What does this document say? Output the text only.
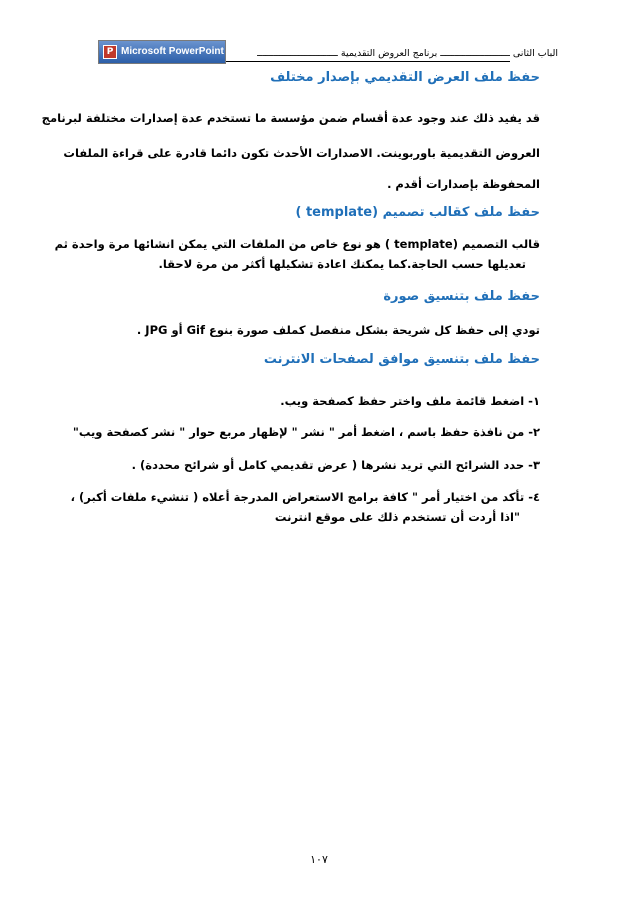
P Microsoft PowerPoint	الباب الثانى ـــــــــــــــــــــــــ برنامج العروض التقديمية ـــــــــــــــــــــــــــــ
حفظ ملف العرض التقديمي بإصدار مختلف
قد يفيد ذلك عند وجود عدة أقسام ضمن مؤسسة ما تستخدم عدة إصدارات مختلفة لبرنامج
العروض التقديمية باوربوينت. الاصدارات الأحدث تكون دائما قادرة على قراءة الملفات
المحفوظة بإصدارات أقدم .
حفظ ملف كقالب تصميم (template )
قالب التصميم (template ) هو نوع خاص من الملفات التي يمكن انشائها مرة واحدة ثم
تعديلها حسب الحاجة.كما يمكنك اعادة تشكيلها أكثر من مرة لاحقا.
حفظ ملف بتنسيق صورة
تودي إلى حفظ كل شريحة بشكل منفصل كملف صورة بنوع Gif أو JPG .
حفظ ملف بتنسيق موافق لصفحات الانترنت
١- اضغط قائمة ملف واختر حفظ كصفحة ويب.
٢- من نافذة حفظ باسم ، اضغط أمر " نشر " لإظهار مربع حوار " نشر كصفحة ويب"
٣- حدد الشرائح التي تريد نشرها ( عرض تقديمي كامل أو شرائح محددة) .
٤- تأكد من اختيار أمر " كافة برامج الاستعراض المدرجة أعلاه ( تنشيء ملفات أكبر) ،
"اذا أردت أن تستخدم ذلك على موقع انترنت
١٠٧
